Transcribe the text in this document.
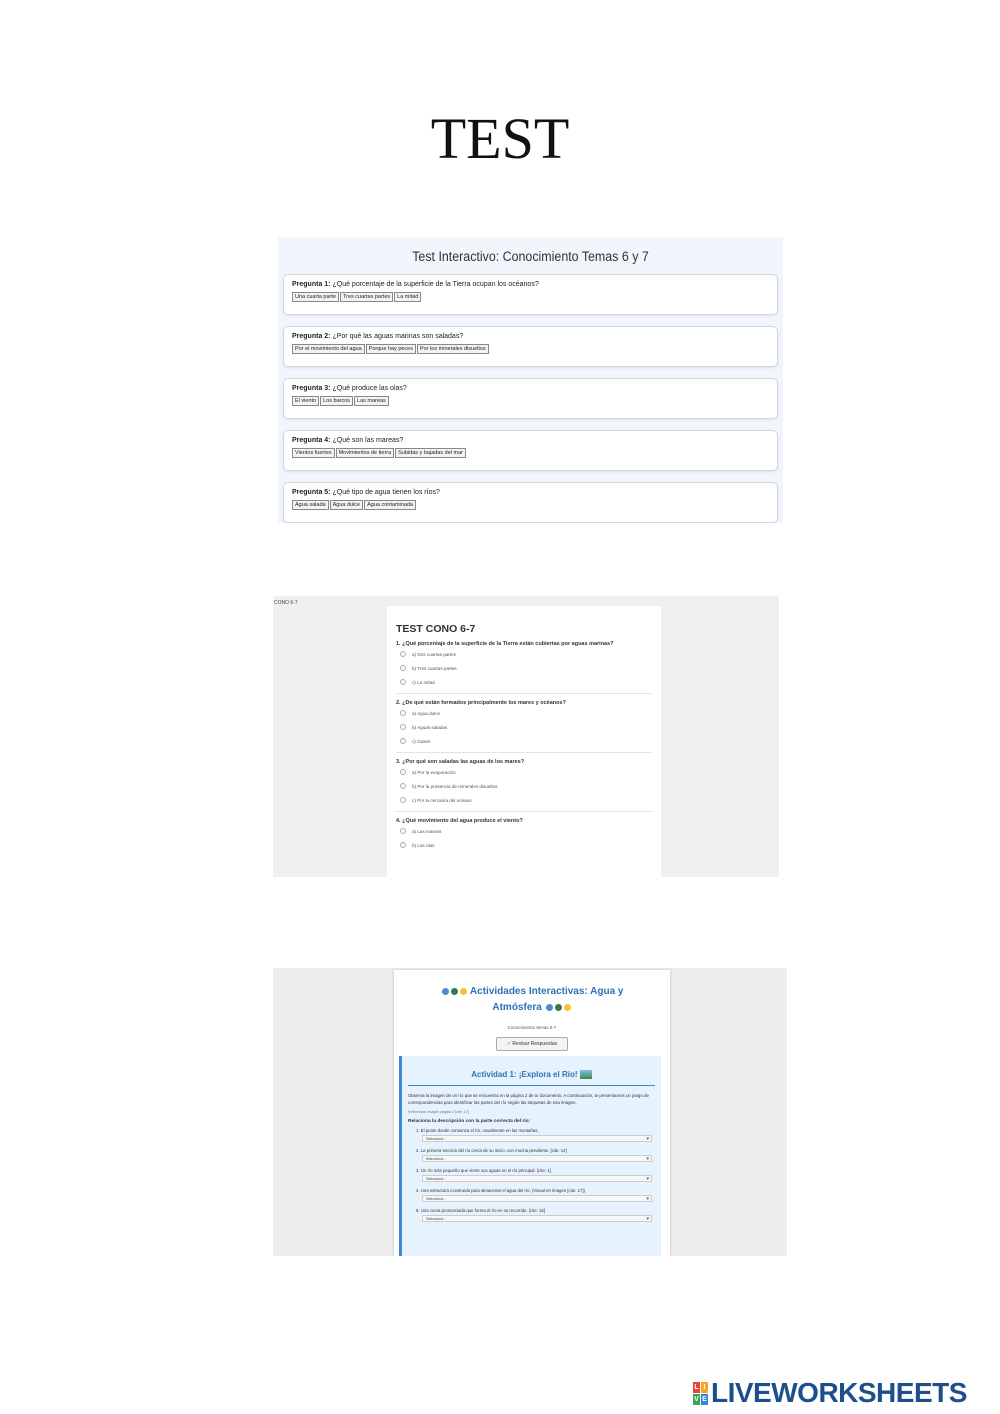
TEST
Test Interactivo: Conocimiento Temas 6 y 7
Pregunta 1: ¿Qué porcentaje de la superficie de la Tierra ocupan los océanos?
Una cuarta parte	Tres cuartas partes	La mitad
Pregunta 2: ¿Por qué las aguas marinas son saladas?
Por el movimiento del agua	Porque hay peces	Por los minerales disueltos
Pregunta 3: ¿Qué produce las olas?
El viento	Los barcos	Las mareas
Pregunta 4: ¿Qué son las mareas?
Vientos fuertes	Movimientos de tierra	Subidas y bajadas del mar
Pregunta 5: ¿Qué tipo de agua tienen los ríos?
Agua salada	Agua dulce	Agua contaminada
CONO 6-7
TEST CONO 6-7
1. ¿Qué porcentaje de la superficie de la Tierra están cubiertas por aguas marinas?
a) Dos cuartas partes
b) Tres cuartas partes
c) La mitad
2. ¿De qué están formados principalmente los mares y océanos?
a) Agua dulce
b) Aguas saladas
c) Gases
3. ¿Por qué son saladas las aguas de los mares?
a) Por la evaporación
b) Por la presencia de minerales disueltos
c) Por la cercanía del océano
4. ¿Qué movimiento del agua produce el viento?
a) Las mareas
b) Las olas
Actividades Interactivas: Agua y
Atmósfera
Conocimiento temas 6-7
✔ Revisar Respuestas
Actividad 1: ¡Explora el Río!

Observa la imagen de un río que se encuentra en la página 2 de tu documento. A continuación, te presentamos un juego de correspondencias para identificar las partes del río según las etiquetas de esa imagen.

Referencia: Imagen página 2 [cite: 17]
Relaciona la descripción con la parte correcta del río:
1. El punto donde comienza el río, usualmente en las montañas.
Selecciona... ▾
2. La primera sección del río cerca de su inicio, con mucha pendiente. [cite: 14]
Selecciona... ▾
3. Un río más pequeño que vierte sus aguas en el río principal. [cite: 1]
Selecciona... ▾
4. Una estructura construida para almacenar el agua del río. (Visual en imagen [cite: 17])
Selecciona... ▾
5. Una curva pronunciada que forma el río en su recorrido. [cite: 15]
Selecciona... ▾
L I
V E LIVEWORKSHEETS
